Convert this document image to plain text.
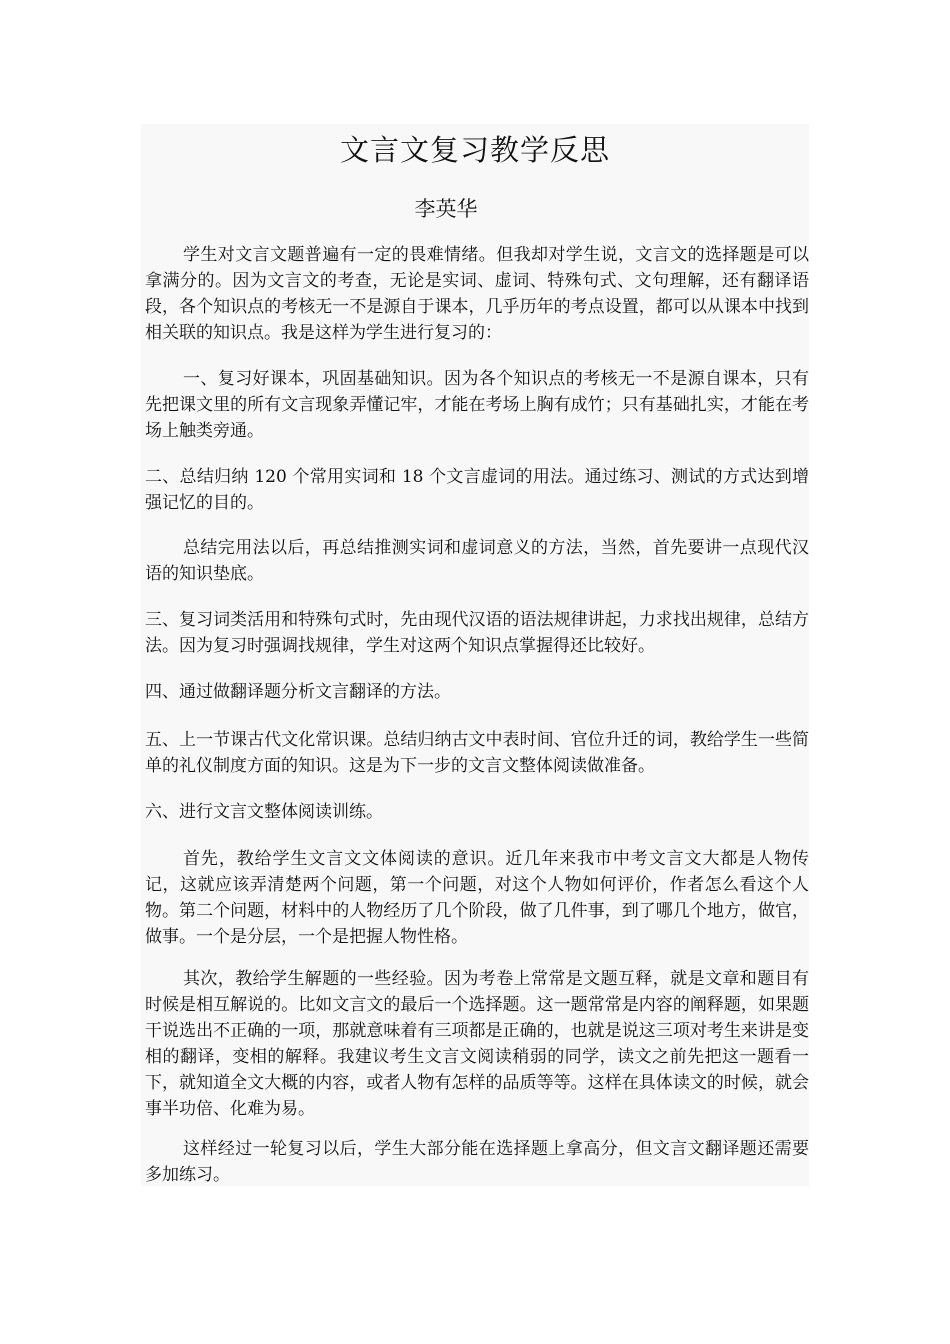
文言文复习教学反思

李英华

学生对文言文题普遍有一定的畏难情绪。但我却对学生说，文言文的选择题是可以拿满分的。因为文言文的考查，无论是实词、虚词、特殊句式、文句理解，还有翻译语段，各个知识点的考核无一不是源自于课本，几乎历年的考点设置，都可以从课本中找到相关联的知识点。我是这样为学生进行复习的：

一、复习好课本，巩固基础知识。因为各个知识点的考核无一不是源自课本，只有先把课文里的所有文言现象弄懂记牢，才能在考场上胸有成竹；只有基础扎实，才能在考场上触类旁通。

二、总结归纳 120 个常用实词和 18 个文言虚词的用法。通过练习、测试的方式达到增强记忆的目的。

总结完用法以后，再总结推测实词和虚词意义的方法，当然，首先要讲一点现代汉语的知识垫底。

三、复习词类活用和特殊句式时，先由现代汉语的语法规律讲起，力求找出规律，总结方法。因为复习时强调找规律，学生对这两个知识点掌握得还比较好。

四、通过做翻译题分析文言翻译的方法。

五、上一节课古代文化常识课。总结归纳古文中表时间、官位升迁的词，教给学生一些简单的礼仪制度方面的知识。这是为下一步的文言文整体阅读做准备。

六、进行文言文整体阅读训练。

首先，教给学生文言文文体阅读的意识。近几年来我市中考文言文大都是人物传记，这就应该弄清楚两个问题，第一个问题，对这个人物如何评价，作者怎么看这个人物。第二个问题，材料中的人物经历了几个阶段，做了几件事，到了哪几个地方，做官，做事。一个是分层，一个是把握人物性格。

其次，教给学生解题的一些经验。因为考卷上常常是文题互释，就是文章和题目有时候是相互解说的。比如文言文的最后一个选择题。这一题常常是内容的阐释题，如果题干说选出不正确的一项，那就意味着有三项都是正确的，也就是说这三项对考生来讲是变相的翻译，变相的解释。我建议考生文言文阅读稍弱的同学，读文之前先把这一题看一下，就知道全文大概的内容，或者人物有怎样的品质等等。这样在具体读文的时候，就会事半功倍、化难为易。

这样经过一轮复习以后，学生大部分能在选择题上拿高分，但文言文翻译题还需要多加练习。
